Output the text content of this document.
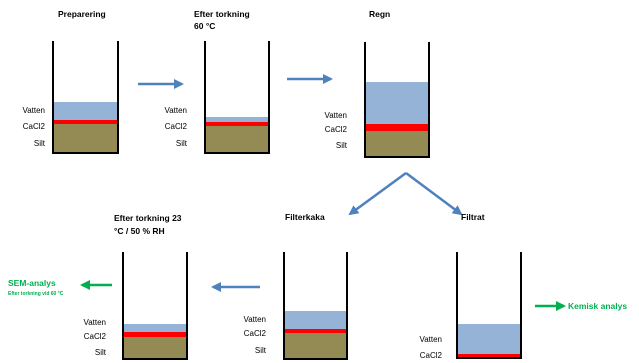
Preparering	Efter torkning
60 °C
Regn
Filterkaka	Filtrat
Efter torkning 23
°C / 50 % RH
Vatten
CaCl2
Silt
Vatten
CaCl2
Silt
Vatten
CaCl2
Silt
Vatten
CaCl2
Silt
Vatten
CaCl2
Silt
Vatten
CaCl2
SEM-analys
Efter torkning vid 60 °C
Kemisk analys
